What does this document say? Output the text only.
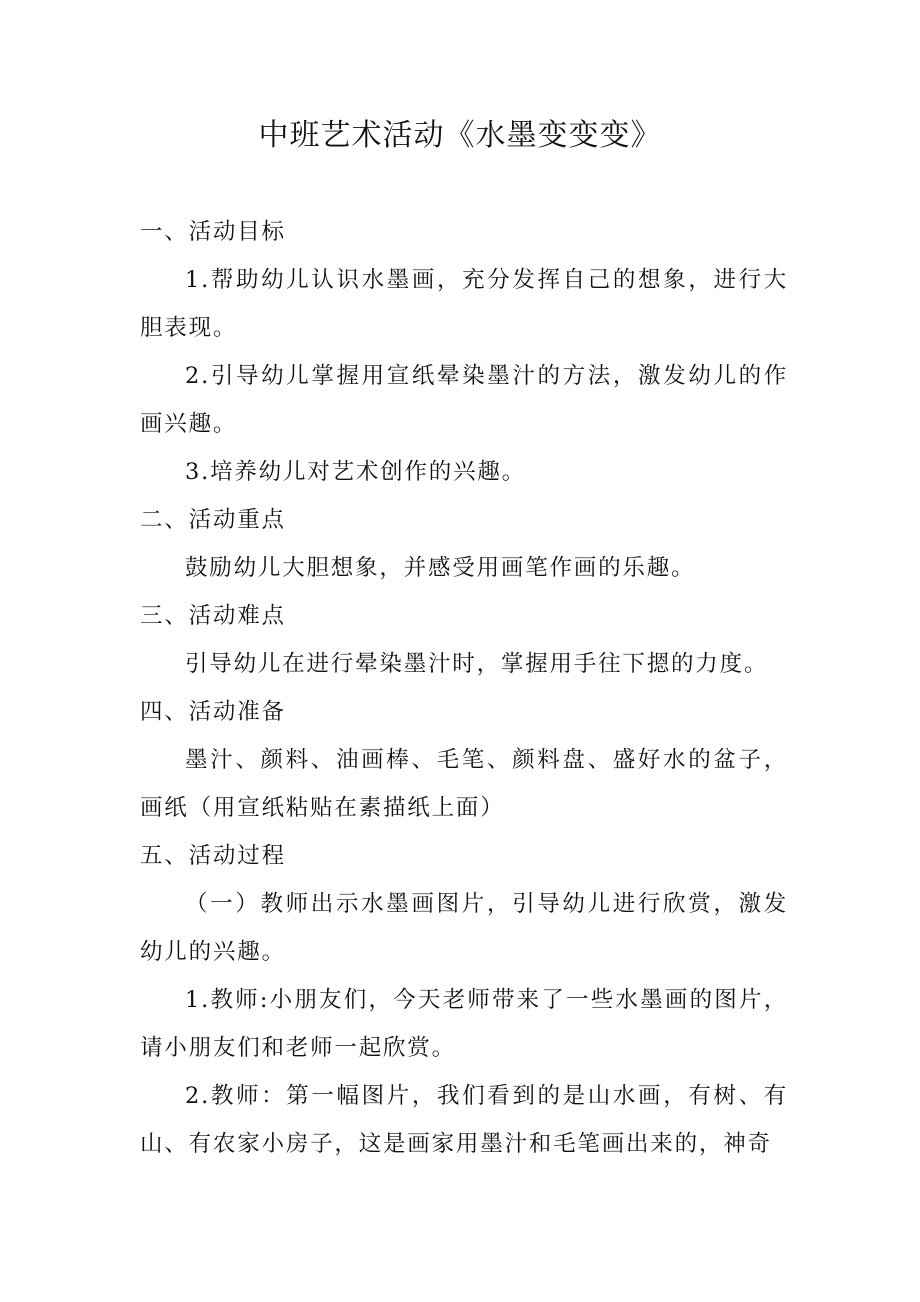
中班艺术活动《水墨变变变》

一、活动目标

1.帮助幼儿认识水墨画，充分发挥自己的想象，进行大胆表现。

2.引导幼儿掌握用宣纸晕染墨汁的方法，激发幼儿的作画兴趣。

3.培养幼儿对艺术创作的兴趣。

二、活动重点

鼓励幼儿大胆想象，并感受用画笔作画的乐趣。

三、活动难点

引导幼儿在进行晕染墨汁时，掌握用手往下摁的力度。

四、活动准备

墨汁、颜料、油画棒、毛笔、颜料盘、盛好水的盆子，画纸（用宣纸粘贴在素描纸上面）

五、活动过程

（一）教师出示水墨画图片，引导幼儿进行欣赏，激发幼儿的兴趣。

1.教师:小朋友们，今天老师带来了一些水墨画的图片，请小朋友们和老师一起欣赏。

2.教师：第一幅图片，我们看到的是山水画，有树、有山、有农家小房子，这是画家用墨汁和毛笔画出来的，神奇
